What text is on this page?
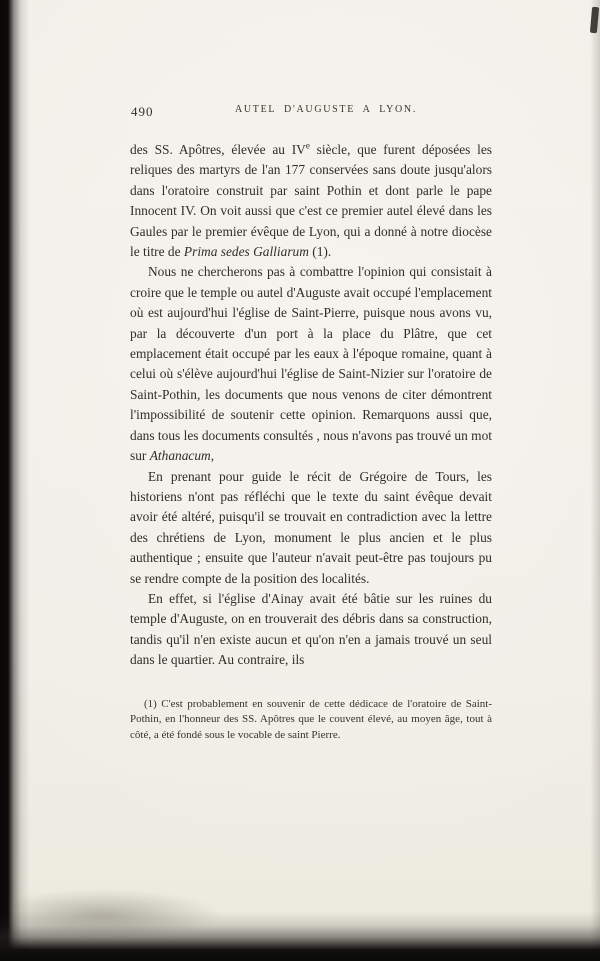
490	AUTEL D'AUGUSTE A LYON.

des SS. Apôtres, élevée au IVe siècle, que furent déposées les reliques des martyrs de l'an 177 conservées sans doute jusqu'alors dans l'oratoire construit par saint Pothin et dont parle le pape Innocent IV. On voit aussi que c'est ce premier autel élevé dans les Gaules par le premier évêque de Lyon, qui a donné à notre diocèse le titre de Prima sedes Galliarum (1).

Nous ne chercherons pas à combattre l'opinion qui consistait à croire que le temple ou autel d'Auguste avait occupé l'emplacement où est aujourd'hui l'église de Saint-Pierre, puisque nous avons vu, par la découverte d'un port à la place du Plâtre, que cet emplacement était occupé par les eaux à l'époque romaine, quant à celui où s'élève aujourd'hui l'église de Saint-Nizier sur l'oratoire de Saint-Pothin, les documents que nous venons de citer démontrent l'impossibilité de soutenir cette opinion. Remarquons aussi que, dans tous les documents consultés , nous n'avons pas trouvé un mot sur Athanacum,

En prenant pour guide le récit de Grégoire de Tours, les historiens n'ont pas réfléchi que le texte du saint évêque devait avoir été altéré, puisqu'il se trouvait en contradiction avec la lettre des chrétiens de Lyon, monument le plus ancien et le plus authentique ; ensuite que l'auteur n'avait peut-être pas toujours pu se rendre compte de la position des localités.

En effet, si l'église d'Ainay avait été bâtie sur les ruines du temple d'Auguste, on en trouverait des débris dans sa construction, tandis qu'il n'en existe aucun et qu'on n'en a jamais trouvé un seul dans le quartier. Au contraire, ils

(1) C'est probablement en souvenir de cette dédicace de l'oratoire de Saint-Pothin, en l'honneur des SS. Apôtres que le couvent élevé, au moyen âge, tout à côté, a été fondé sous le vocable de saint Pierre.
